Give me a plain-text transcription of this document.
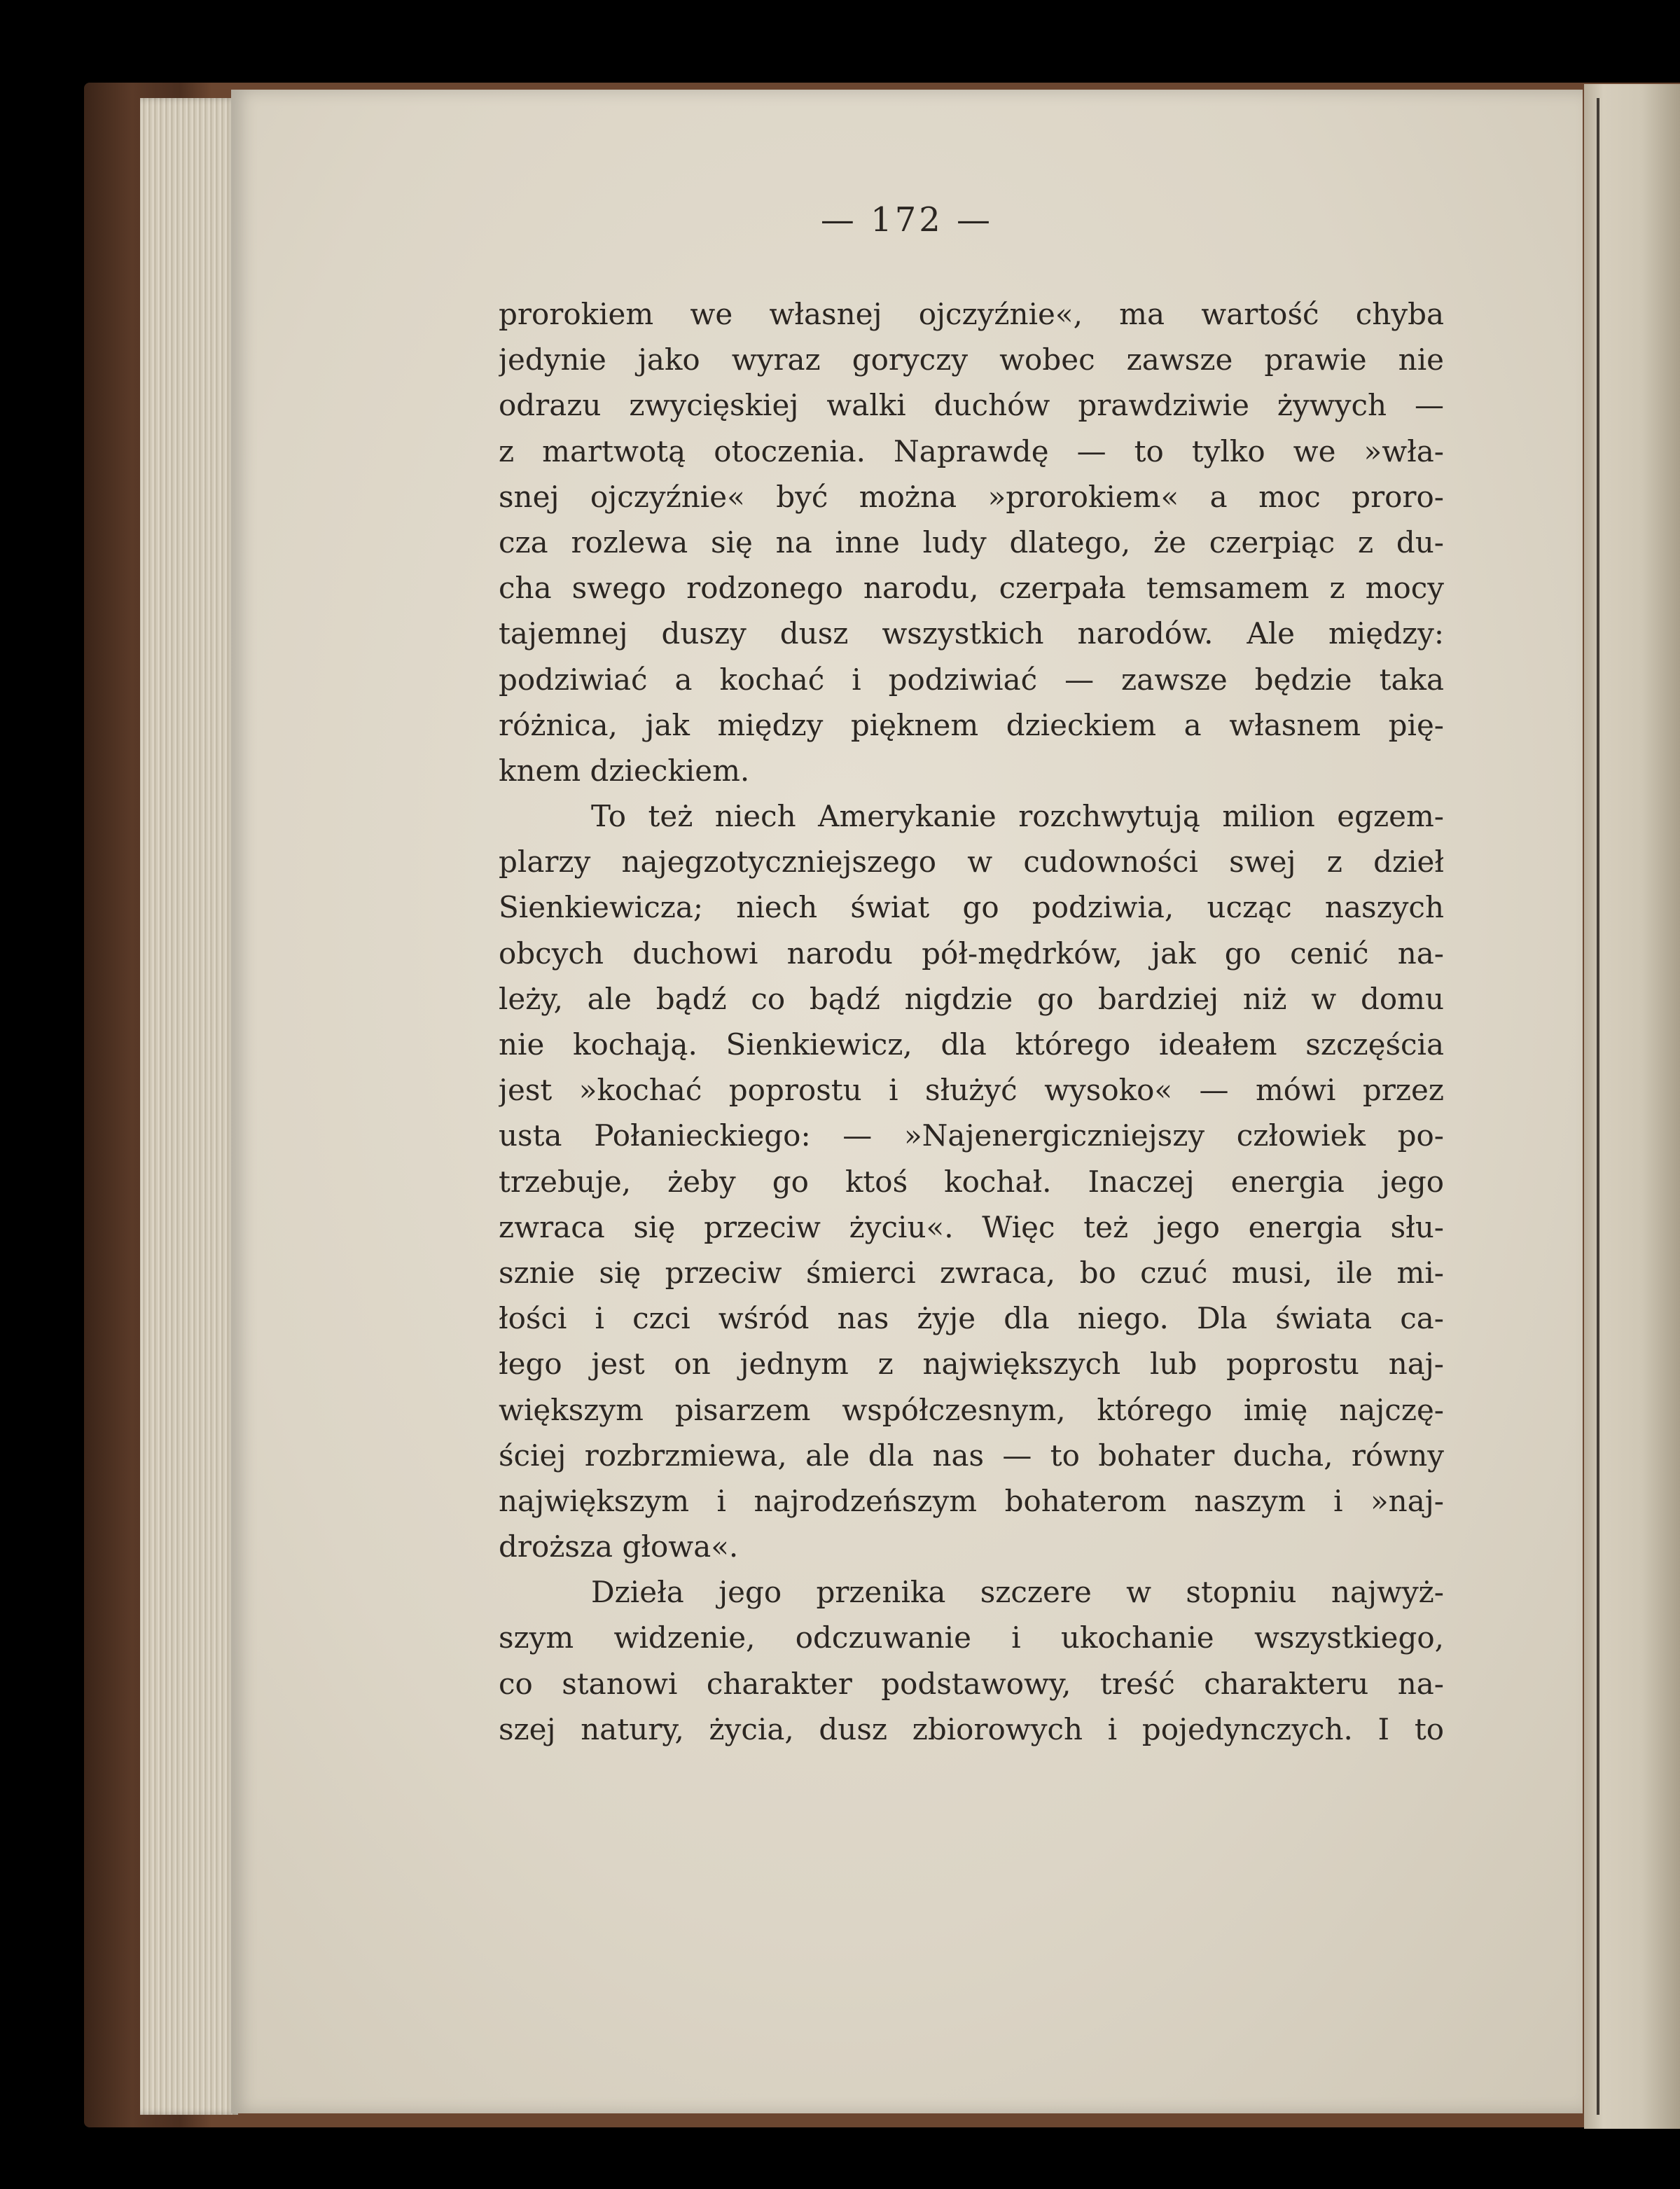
— 172 —
prorokiem we własnej ojczyźnie«, ma wartość chyba
jedynie jako wyraz goryczy wobec zawsze prawie nie
odrazu zwycięskiej walki duchów prawdziwie żywych —
z martwotą otoczenia. Naprawdę — to tylko we »wła-
snej ojczyźnie« być można »prorokiem« a moc proro-
cza rozlewa się na inne ludy dlatego, że czerpiąc z du-
cha swego rodzonego narodu, czerpała temsamem z mocy
tajemnej duszy dusz wszystkich narodów. Ale między:
podziwiać a kochać i podziwiać — zawsze będzie taka
różnica, jak między pięknem dzieckiem a własnem pię-
knem dzieckiem.
To też niech Amerykanie rozchwytują milion egzem-
plarzy najegzotyczniejszego w cudowności swej z dzieł
Sienkiewicza; niech świat go podziwia, ucząc naszych
obcych duchowi narodu pół-mędrków, jak go cenić na-
leży, ale bądź co bądź nigdzie go bardziej niż w domu
nie kochają. Sienkiewicz, dla którego ideałem szczęścia
jest »kochać poprostu i służyć wysoko« — mówi przez
usta Połanieckiego: — »Najenergiczniejszy człowiek po-
trzebuje, żeby go ktoś kochał. Inaczej energia jego
zwraca się przeciw życiu«. Więc też jego energia słu-
sznie się przeciw śmierci zwraca, bo czuć musi, ile mi-
łości i czci wśród nas żyje dla niego. Dla świata ca-
łego jest on jednym z największych lub poprostu naj-
większym pisarzem współczesnym, którego imię najczę-
ściej rozbrzmiewa, ale dla nas — to bohater ducha, równy
największym i najrodzeńszym bohaterom naszym i »naj-
droższa głowa«.
Dzieła jego przenika szczere w stopniu najwyż-
szym widzenie, odczuwanie i ukochanie wszystkiego,
co stanowi charakter podstawowy, treść charakteru na-
szej natury, życia, dusz zbiorowych i pojedynczych. I to
